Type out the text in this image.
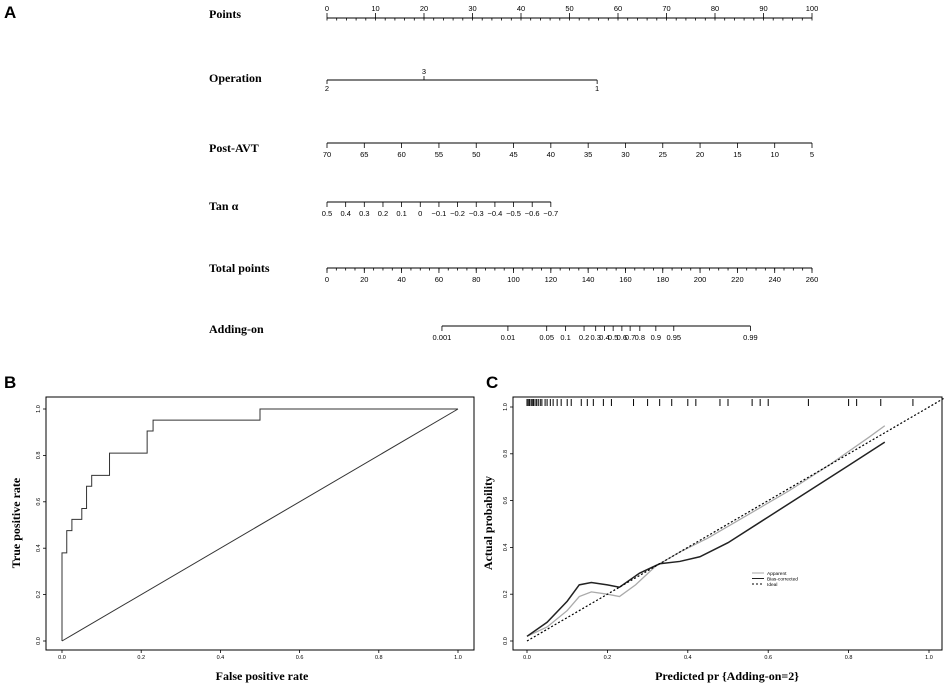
A
B	C
Points	0	10	20	30	40	50	60	70	80	90	100
Operation
2	1
3
Post-AVT	70	65	60	55	50	45	40	35	30	25	20	15	10	5
Tan α
0.5 0.4 0.3 0.2 0.1 0 −0.1 −0.2 −0.3 −0.4 −0.5 −0.6 −0.7
Total points
0	20	40	60	80	100	120	140	160	180	200	220	240	260
Adding-on
0.001	0.01	0.05 0.1 0.2 0.3
0.4
0.5
0.6
0.7 0.8 0.9 0.95	0.99
0.0	0.2	0.4	0.6	0.8	1.0
0.0
0.2
0.4
0.6
0.8
1.0
False positive rate
True positive rate
0.0	0.2	0.4	0.6	0.8	1.0
0.0
0.2
0.4
0.6
0.8
1.0
Predicted pr {Adding-on=2}
Actual probability
Apparent
Bias-corrected
Ideal
